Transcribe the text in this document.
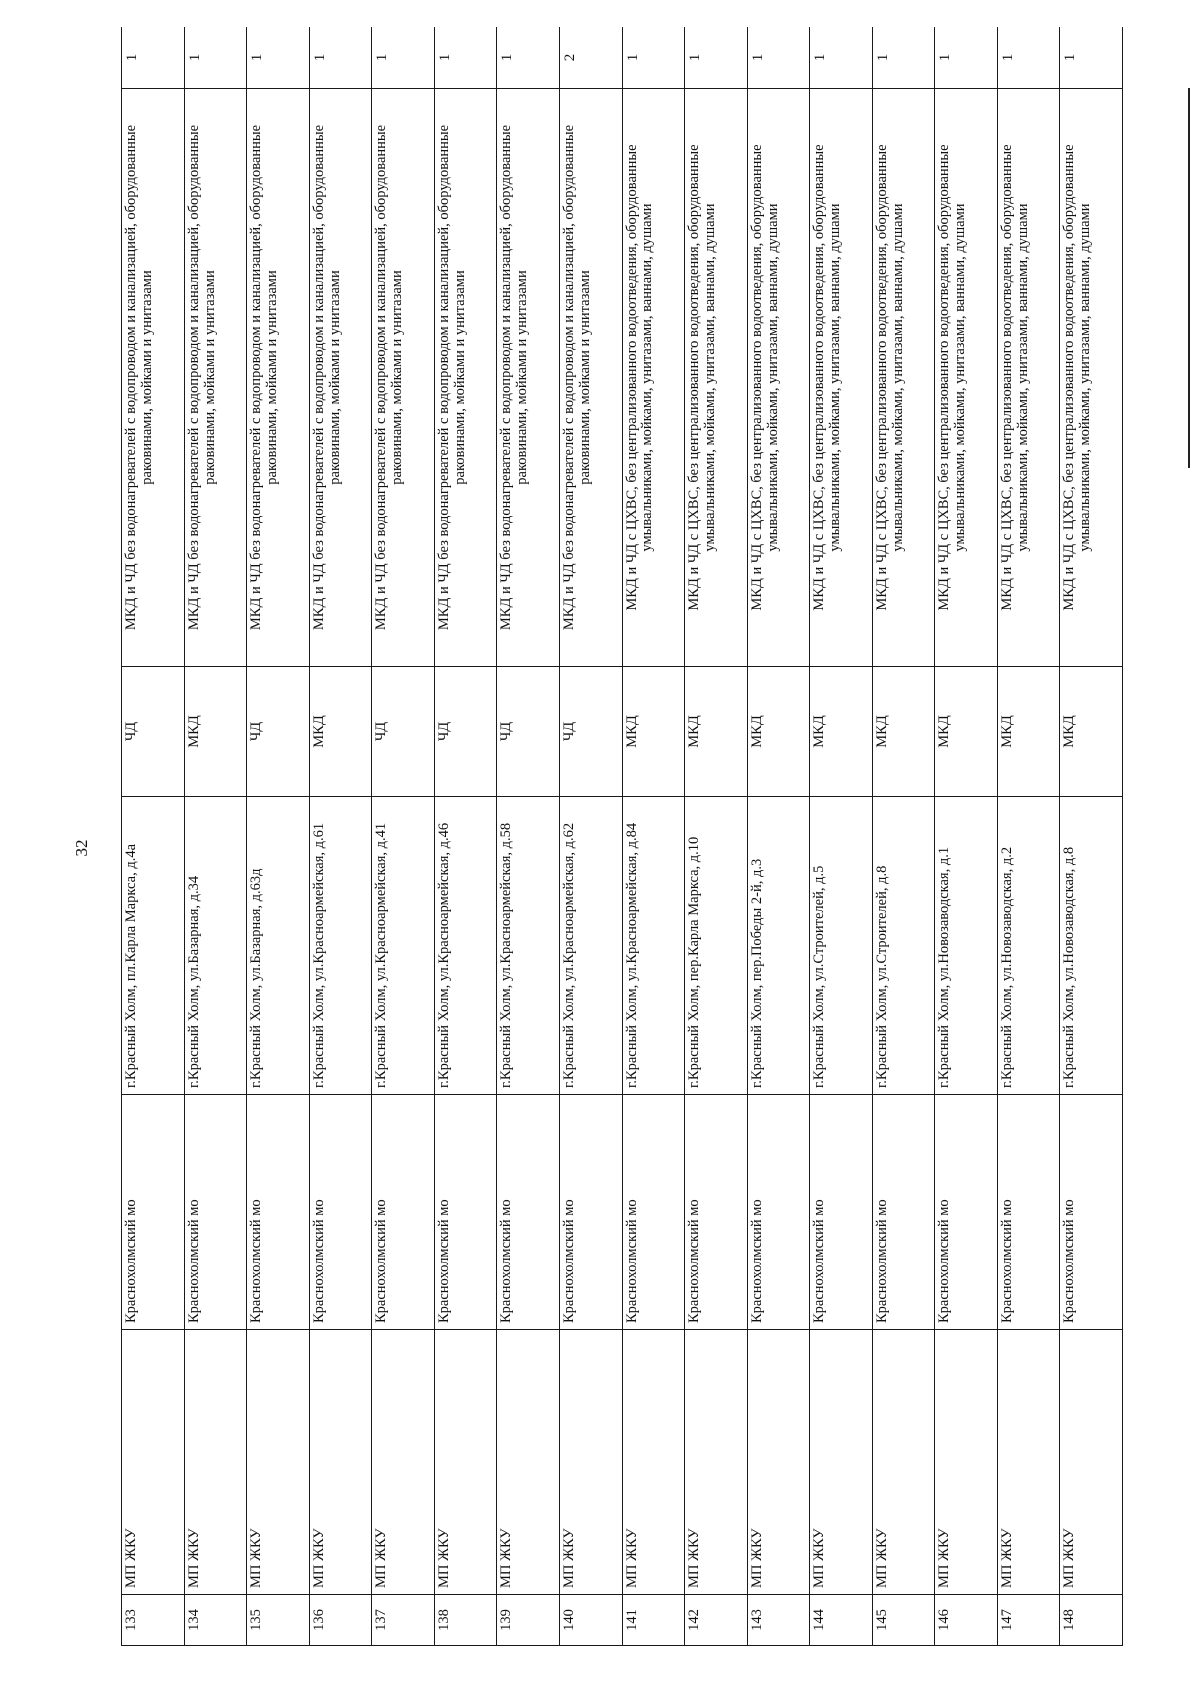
32
133	МП ЖКУ	Краснохолмский мо	г.Красный Холм, пл.Карла Маркса, д.4а	ЧД	МКД и ЧД без водонагревателей с водопроводом и канализацией, оборудованные раковинами, мойками и унитазами	1
134	МП ЖКУ	Краснохолмский мо	г.Красный Холм, ул.Базарная, д.34	МКД	МКД и ЧД без водонагревателей с водопроводом и канализацией, оборудованные раковинами, мойками и унитазами	1
135	МП ЖКУ	Краснохолмский мо	г.Красный Холм, ул.Базарная, д.63д	ЧД	МКД и ЧД без водонагревателей с водопроводом и канализацией, оборудованные раковинами, мойками и унитазами	1
136	МП ЖКУ	Краснохолмский мо	г.Красный Холм, ул.Красноармейская, д.61	МКД	МКД и ЧД без водонагревателей с водопроводом и канализацией, оборудованные раковинами, мойками и унитазами	1
137	МП ЖКУ	Краснохолмский мо	г.Красный Холм, ул.Красноармейская, д.41	ЧД	МКД и ЧД без водонагревателей с водопроводом и канализацией, оборудованные раковинами, мойками и унитазами	1
138	МП ЖКУ	Краснохолмский мо	г.Красный Холм, ул.Красноармейская, д.46	ЧД	МКД и ЧД без водонагревателей с водопроводом и канализацией, оборудованные раковинами, мойками и унитазами	1
139	МП ЖКУ	Краснохолмский мо	г.Красный Холм, ул.Красноармейская, д.58	ЧД	МКД и ЧД без водонагревателей с водопроводом и канализацией, оборудованные раковинами, мойками и унитазами	1
140	МП ЖКУ	Краснохолмский мо	г.Красный Холм, ул.Красноармейская, д.62	ЧД	МКД и ЧД без водонагревателей с водопроводом и канализацией, оборудованные раковинами, мойками и унитазами	2
141	МП ЖКУ	Краснохолмский мо	г.Красный Холм, ул.Красноармейская, д.84	МКД	МКД и ЧД с ЦХВС, без централизованного водоотведения, оборудованные умывальниками, мойками, унитазами, ваннами, душами	1
142	МП ЖКУ	Краснохолмский мо	г.Красный Холм, пер.Карла Маркса, д.10	МКД	МКД и ЧД с ЦХВС, без централизованного водоотведения, оборудованные умывальниками, мойками, унитазами, ваннами, душами	1
143	МП ЖКУ	Краснохолмский мо	г.Красный Холм, пер.Победы 2-й, д.3	МКД	МКД и ЧД с ЦХВС, без централизованного водоотведения, оборудованные умывальниками, мойками, унитазами, ваннами, душами	1
144	МП ЖКУ	Краснохолмский мо	г.Красный Холм, ул.Строителей, д.5	МКД	МКД и ЧД с ЦХВС, без централизованного водоотведения, оборудованные умывальниками, мойками, унитазами, ваннами, душами	1
145	МП ЖКУ	Краснохолмский мо	г.Красный Холм, ул.Строителей, д.8	МКД	МКД и ЧД с ЦХВС, без централизованного водоотведения, оборудованные умывальниками, мойками, унитазами, ваннами, душами	1
146	МП ЖКУ	Краснохолмский мо	г.Красный Холм, ул.Новозаводская, д.1	МКД	МКД и ЧД с ЦХВС, без централизованного водоотведения, оборудованные умывальниками, мойками, унитазами, ваннами, душами	1
147	МП ЖКУ	Краснохолмский мо	г.Красный Холм, ул.Новозаводская, д.2	МКД	МКД и ЧД с ЦХВС, без централизованного водоотведения, оборудованные умывальниками, мойками, унитазами, ваннами, душами	1
148	МП ЖКУ	Краснохолмский мо	г.Красный Холм, ул.Новозаводская, д.8	МКД	МКД и ЧД с ЦХВС, без централизованного водоотведения, оборудованные умывальниками, мойками, унитазами, ваннами, душами	1
